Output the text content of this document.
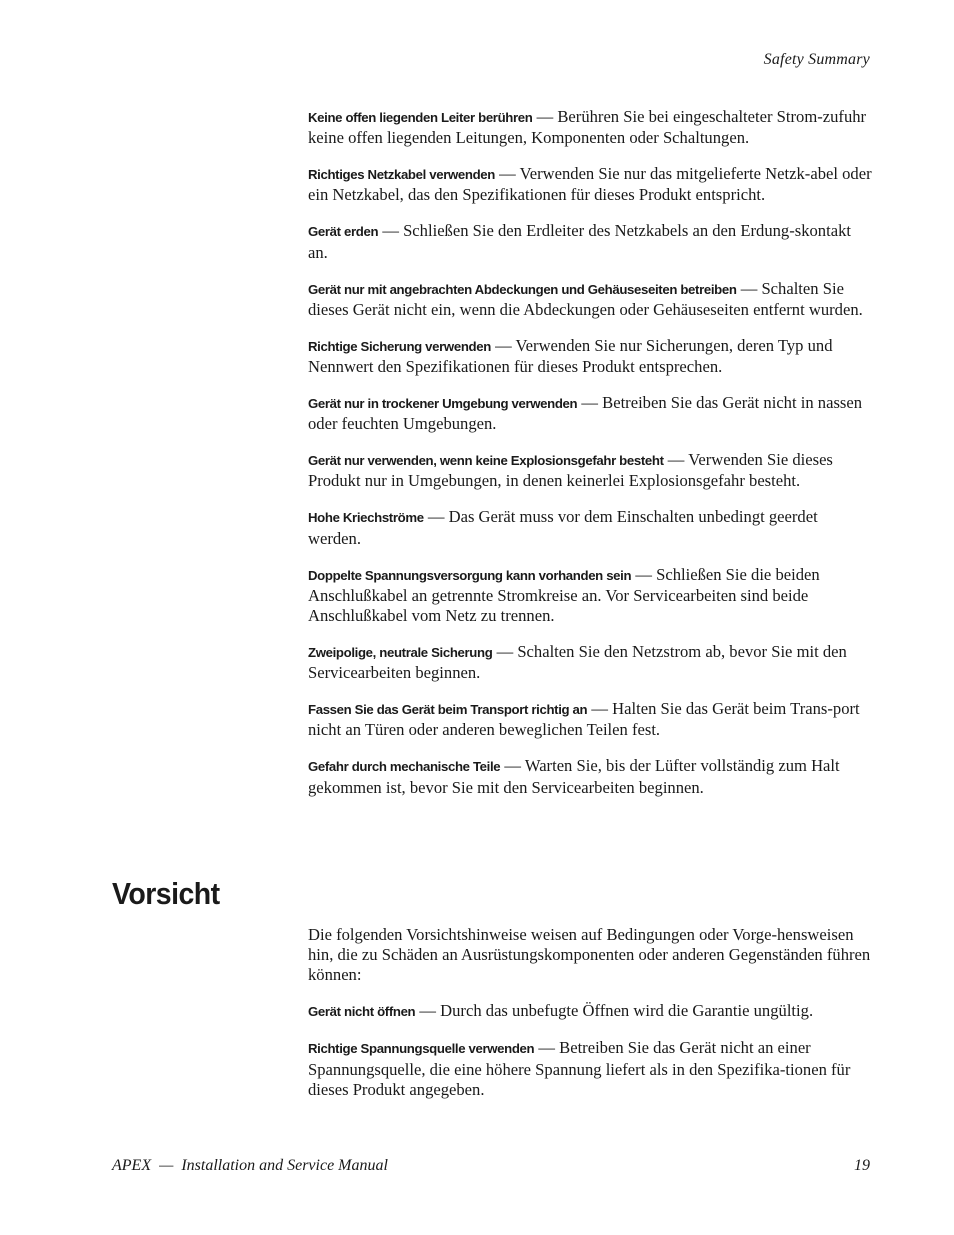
Safety Summary

Keine offen liegenden Leiter berühren — Berühren Sie bei eingeschalteter Strom-zufuhr keine offen liegenden Leitungen, Komponenten oder Schaltungen.

Richtiges Netzkabel verwenden — Verwenden Sie nur das mitgelieferte Netzk-abel oder ein Netzkabel, das den Spezifikationen für dieses Produkt entspricht.

Gerät erden — Schließen Sie den Erdleiter des Netzkabels an den Erdung-skontakt an.

Gerät nur mit angebrachten Abdeckungen und Gehäuseseiten betreiben — Schalten Sie dieses Gerät nicht ein, wenn die Abdeckungen oder Gehäuseseiten entfernt wurden.

Richtige Sicherung verwenden — Verwenden Sie nur Sicherungen, deren Typ und Nennwert den Spezifikationen für dieses Produkt entsprechen.

Gerät nur in trockener Umgebung verwenden — Betreiben Sie das Gerät nicht in nassen oder feuchten Umgebungen.

Gerät nur verwenden, wenn keine Explosionsgefahr besteht — Verwenden Sie dieses Produkt nur in Umgebungen, in denen keinerlei Explosionsgefahr besteht.

Hohe Kriechströme — Das Gerät muss vor dem Einschalten unbedingt geerdet werden.

Doppelte Spannungsversorgung kann vorhanden sein — Schließen Sie die beiden Anschlußkabel an getrennte Stromkreise an. Vor Servicearbeiten sind beide Anschlußkabel vom Netz zu trennen.

Zweipolige, neutrale Sicherung — Schalten Sie den Netzstrom ab, bevor Sie mit den Servicearbeiten beginnen.

Fassen Sie das Gerät beim Transport richtig an — Halten Sie das Gerät beim Trans-port nicht an Türen oder anderen beweglichen Teilen fest.

Gefahr durch mechanische Teile — Warten Sie, bis der Lüfter vollständig zum Halt gekommen ist, bevor Sie mit den Servicearbeiten beginnen.

Vorsicht

Die folgenden Vorsichtshinweise weisen auf Bedingungen oder Vorge-hensweisen hin, die zu Schäden an Ausrüstungskomponenten oder anderen Gegenständen führen können:

Gerät nicht öffnen — Durch das unbefugte Öffnen wird die Garantie ungültig.

Richtige Spannungsquelle verwenden — Betreiben Sie das Gerät nicht an einer Spannungsquelle, die eine höhere Spannung liefert als in den Spezifika-tionen für dieses Produkt angegeben.

APEX  —  Installation and Service Manual	19
